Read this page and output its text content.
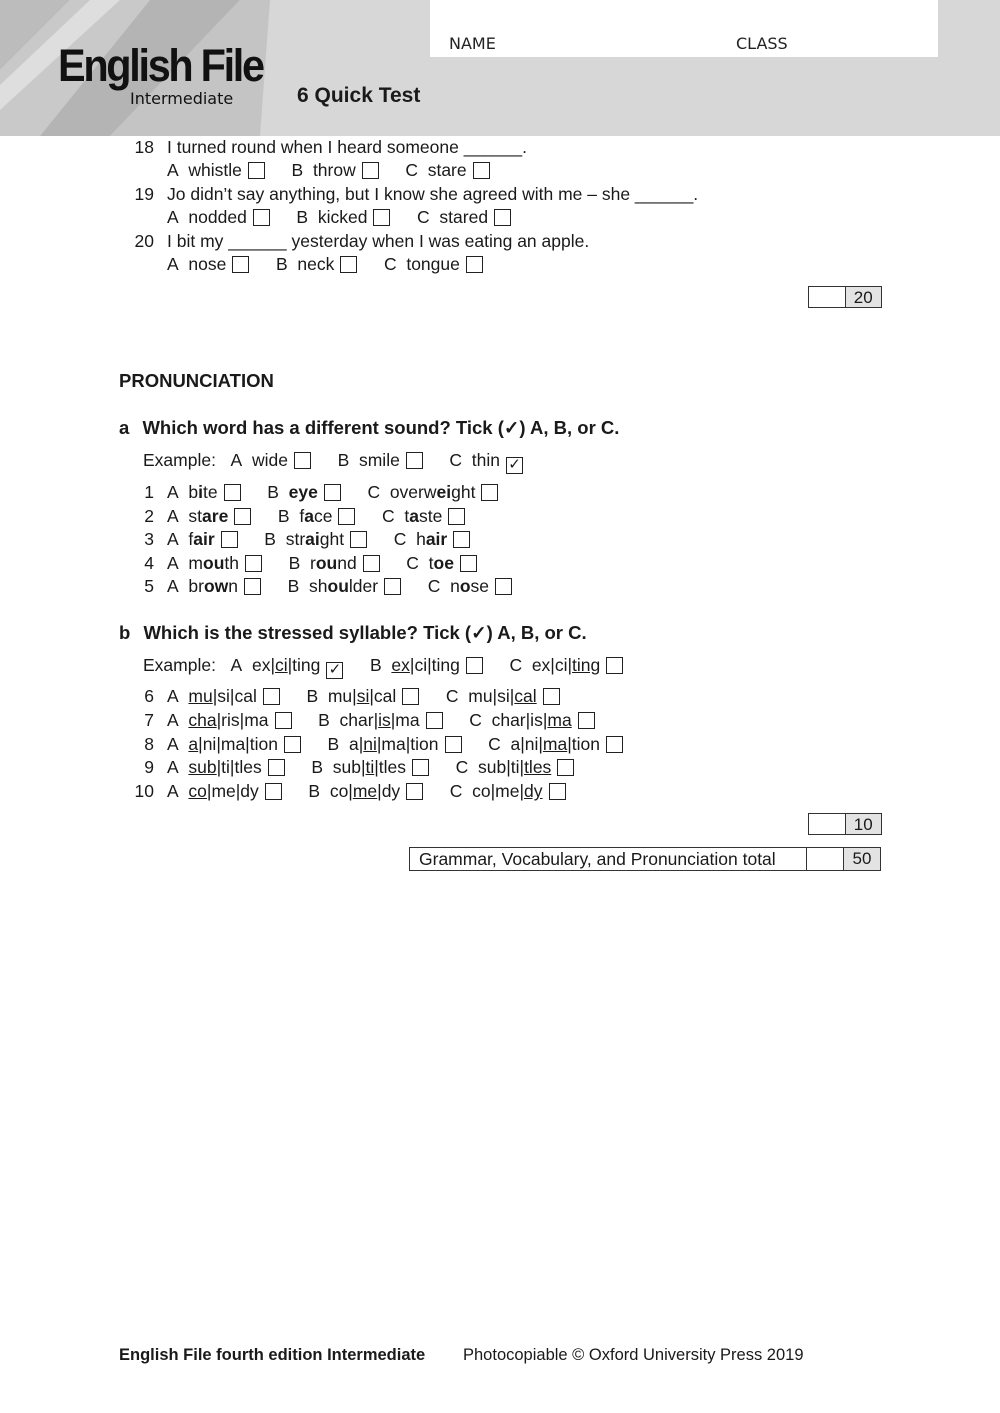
NAME	CLASS
English File
Intermediate	6 Quick Test
20
PRONUNCIATION
a Which word has a different sound? Tick (✓) A, B, or C.
b Which is the stressed syllable? Tick (✓) A, B, or C.
10
Grammar, Vocabulary, and Pronunciation total	50
English File fourth edition Intermediate Photocopiable © Oxford University Press 2019
18 I turned round when I heard someone ______.
A whistle	B throw	C stare
19 Jo didn’t say anything, but I know she agreed with me – she ______.
A nodded	B kicked	C stared
20 I bit my ______ yesterday when I was eating an apple.
A nose	B neck	C tongue
Example: A wide	B smile	C thin ✓
1 A bite	B eye	C overweight
2 A stare	B face	C taste
3 A fair	B straight	C hair
4 A mouth	B round	C toe
5 A brown	B shoulder	C nose
Example: A ex|ci|ting ✓ B ex|ci|ting	C ex|ci|ting
6 A mu|si|cal	B mu|si|cal	C mu|si|cal
7 A cha|ris|ma	B char|is|ma	C char|is|ma
8 A a|ni|ma|tion	B a|ni|ma|tion	C a|ni|ma|tion
9 A sub|ti|tles	B sub|ti|tles	C sub|ti|tles
10 A co|me|dy	B co|me|dy	C co|me|dy
